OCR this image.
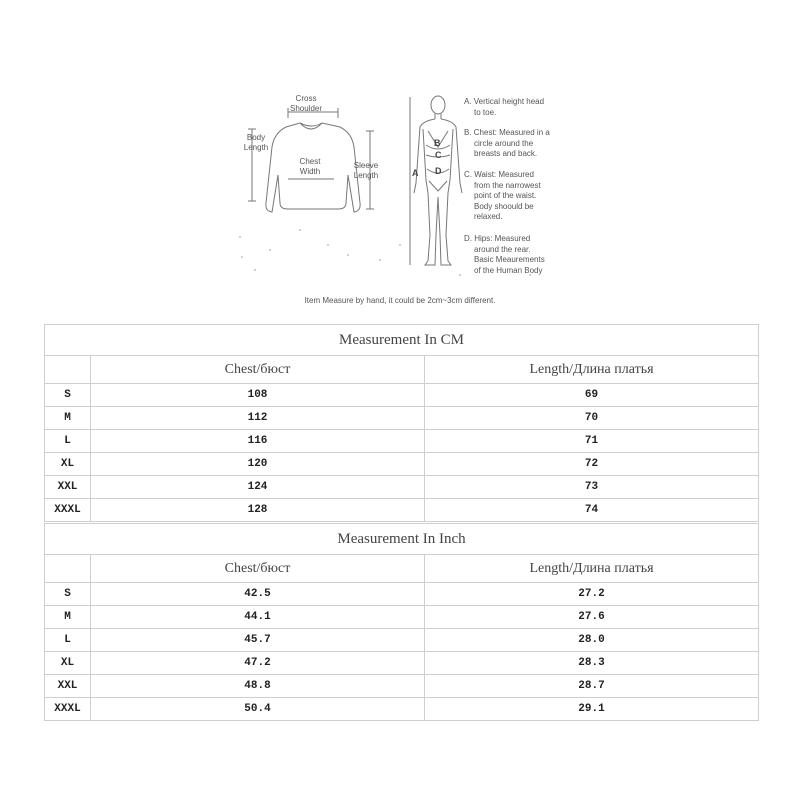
Cross
Shoulder
Body
Length
Chest
Width
Sleeve
Length	A
B
C
D
A. Vertical height head
to toe.
B. Chest: Measured in a
circle around the
breasts and back.
C. Waist: Measured
from the narrowest
point of the waist.
Body shoould be
relaxed.
D. Hips: Measured
around the rear.
Basic Meaurements
of the Human Body
Item Measure by hand, it could be 2cm~3cm different.
Measurement In CM		
	Chest/бюст	Length/Длина платья
S	108	69
M	112	70
L	116	71
XL	120	72
XXL	124	73
XXXL	128	74
Measurement In Inch		
	Chest/бюст	Length/Длина платья
S	42.5	27.2
M	44.1	27.6
L	45.7	28.0
XL	47.2	28.3
XXL	48.8	28.7
XXXL	50.4	29.1
